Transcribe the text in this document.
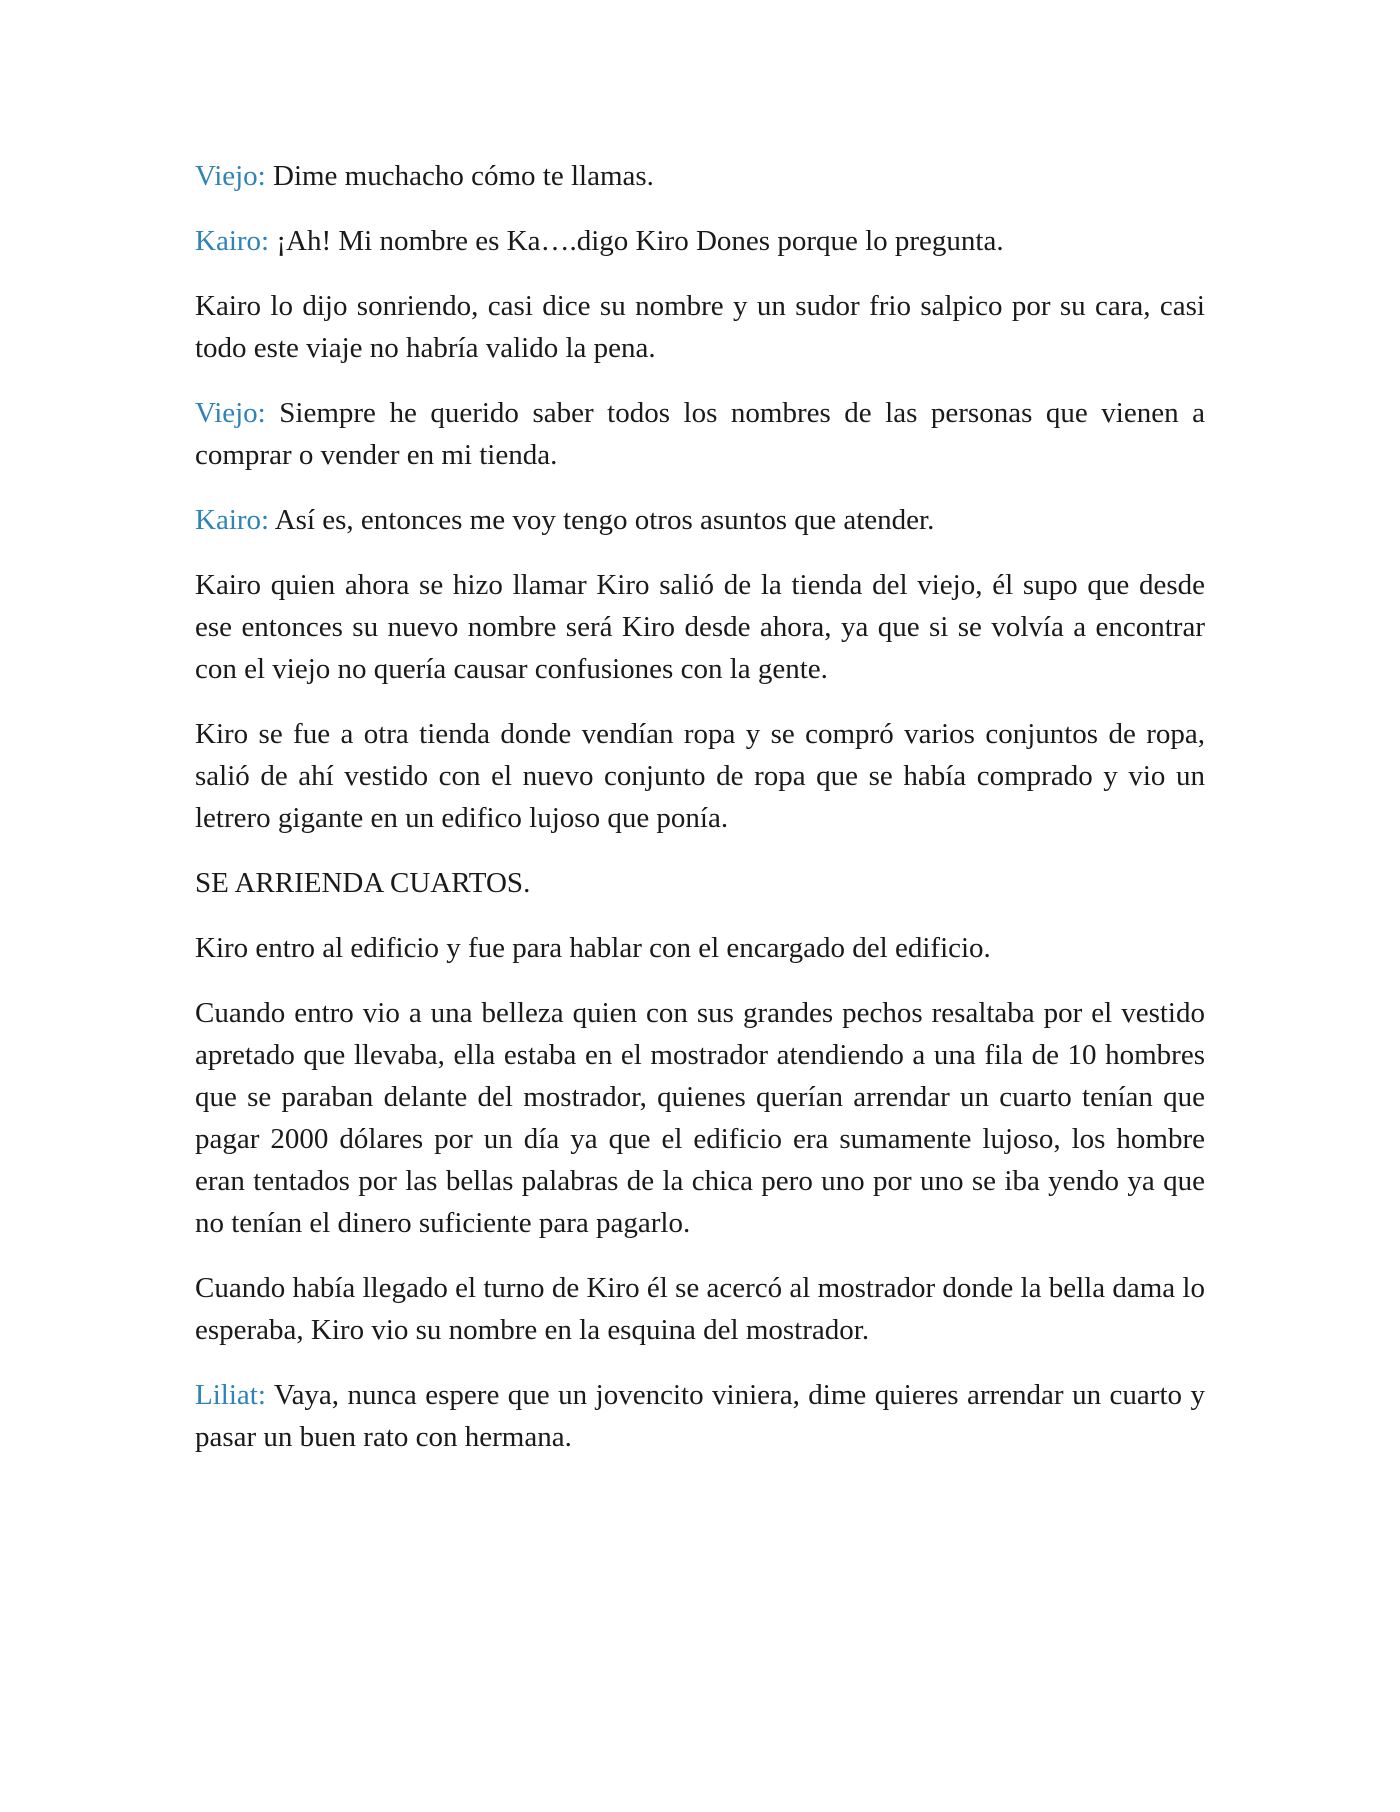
Viejo: Dime muchacho cómo te llamas.

Kairo: ¡Ah! Mi nombre es Ka….digo Kiro Dones porque lo pregunta.

Kairo lo dijo sonriendo, casi dice su nombre y un sudor frio salpico por su cara, casi todo este viaje no habría valido la pena.

Viejo: Siempre he querido saber todos los nombres de las personas que vienen a comprar o vender en mi tienda.

Kairo: Así es, entonces me voy tengo otros asuntos que atender.

Kairo quien ahora se hizo llamar Kiro salió de la tienda del viejo, él supo que desde ese entonces su nuevo nombre será Kiro desde ahora, ya que si se volvía a encontrar con el viejo no quería causar confusiones con la gente.

Kiro se fue a otra tienda donde vendían ropa y se compró varios conjuntos de ropa, salió de ahí vestido con el nuevo conjunto de ropa que se había comprado y vio un letrero gigante en un edifico lujoso que ponía.

SE ARRIENDA CUARTOS.

Kiro entro al edificio y fue para hablar con el encargado del edificio.

Cuando entro vio a una belleza quien con sus grandes pechos resaltaba por el vestido apretado que llevaba, ella estaba en el mostrador atendiendo a una fila de 10 hombres que se paraban delante del mostrador, quienes querían arrendar un cuarto tenían que pagar 2000 dólares por un día ya que el edificio era sumamente lujoso, los hombre eran tentados por las bellas palabras de la chica pero uno por uno se iba yendo ya que no tenían el dinero suficiente para pagarlo.

Cuando había llegado el turno de Kiro él se acercó al mostrador donde la bella dama lo esperaba, Kiro vio su nombre en la esquina del mostrador.

Liliat: Vaya, nunca espere que un jovencito viniera, dime quieres arrendar un cuarto y pasar un buen rato con hermana.
